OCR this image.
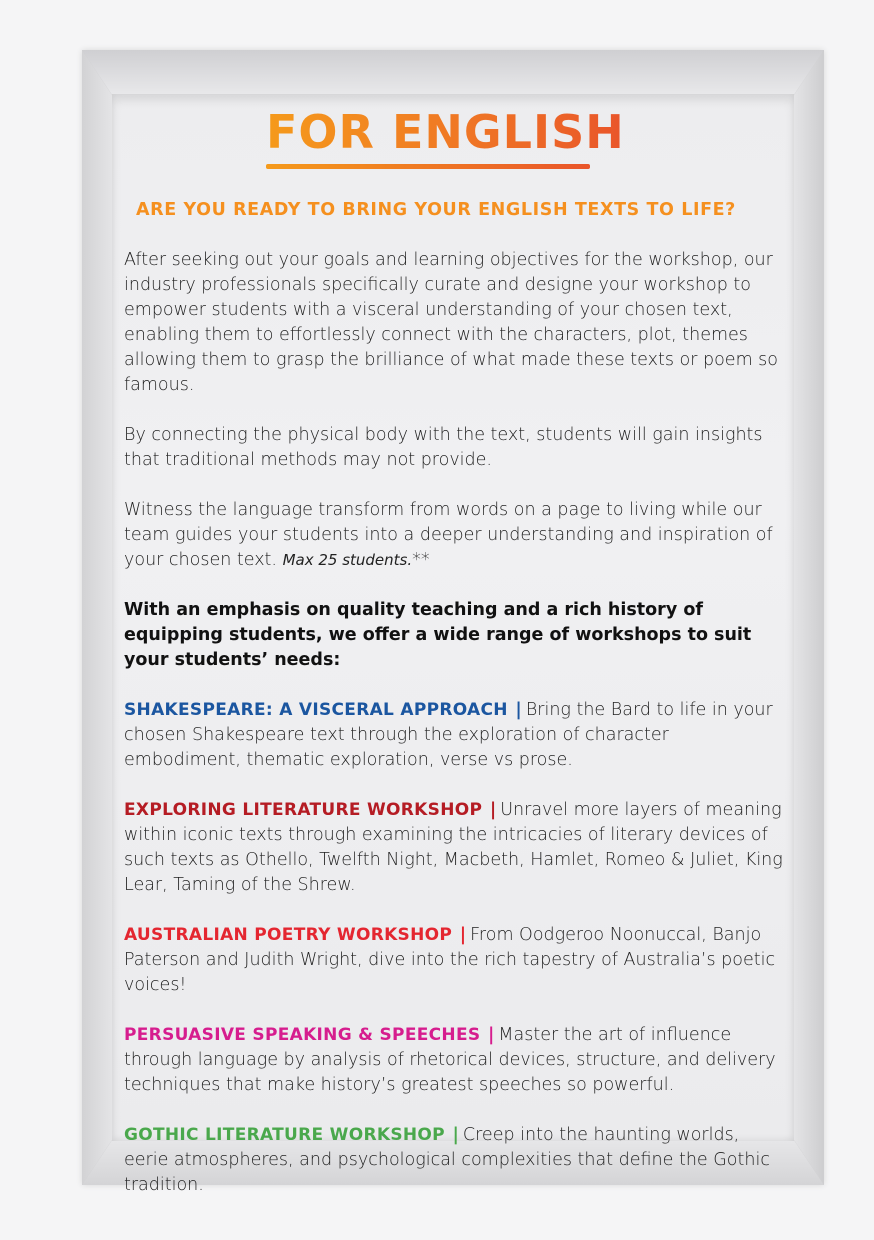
FOR ENGLISH
ARE YOU READY TO BRING YOUR ENGLISH TEXTS TO LIFE?

After seeking out your goals and learning objectives for the workshop, our industry professionals specifically curate and designe your workshop to empower students with a visceral understanding of your chosen text, enabling them to effortlessly connect with the characters, plot, themes allowing them to grasp the brilliance of what made these texts or poem so famous.

By connecting the physical body with the text, students will gain insights that traditional methods may not provide.

Witness the language transform from words on a page to living while our team guides your students into a deeper understanding and inspiration of your chosen text. Max 25 students.**

With an emphasis on quality teaching and a rich history of equipping students, we offer a wide range of workshops to suit your students’ needs:

SHAKESPEARE: A VISCERAL APPROACH | Bring the Bard to life in your chosen Shakespeare text through the exploration of character embodiment, thematic exploration, verse vs prose.

EXPLORING LITERATURE WORKSHOP | Unravel more layers of meaning within iconic texts through examining the intricacies of literary devices of such texts as Othello, Twelfth Night, Macbeth, Hamlet, Romeo & Juliet, King Lear, Taming of the Shrew.

AUSTRALIAN POETRY WORKSHOP | From Oodgeroo Noonuccal, Banjo Paterson and Judith Wright, dive into the rich tapestry of Australia’s poetic voices!

PERSUASIVE SPEAKING & SPEECHES | Master the art of influence through language by analysis of rhetorical devices, structure, and delivery techniques that make history’s greatest speeches so powerful.

GOTHIC LITERATURE WORKSHOP | Creep into the haunting worlds, eerie atmospheres, and psychological complexities that define the Gothic tradition.
